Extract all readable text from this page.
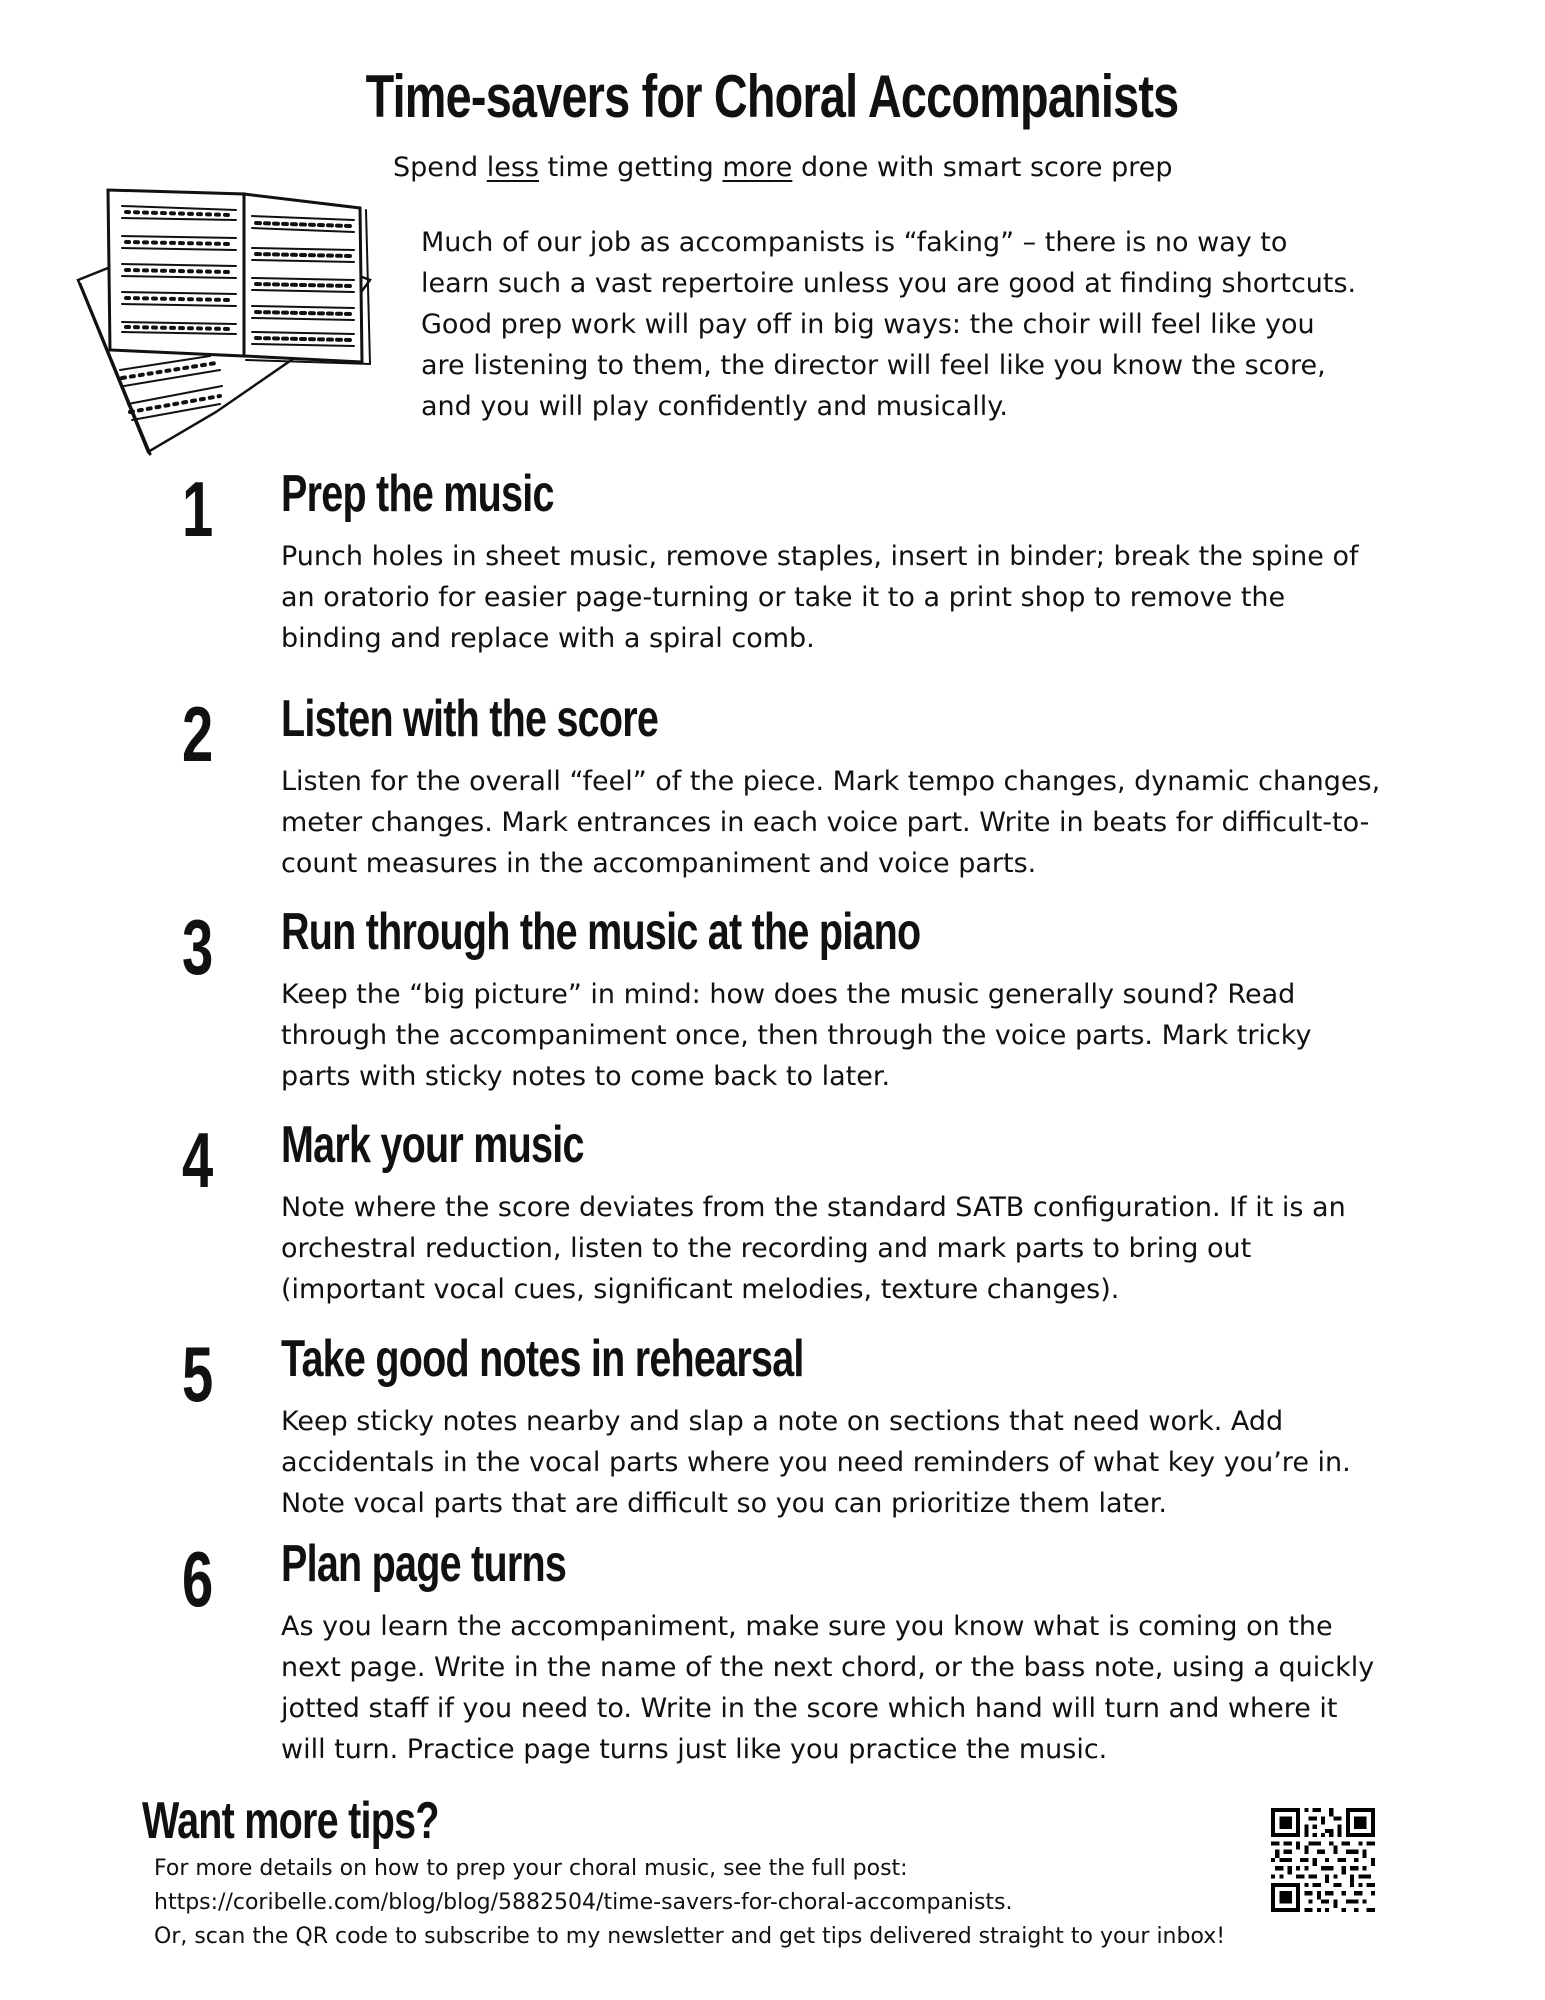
Time-savers for Choral Accompanists
Spend less time getting more done with smart score prep
Much of our job as accompanists is “faking” – there is no way to learn such a vast repertoire unless you are good at finding shortcuts. Good prep work will pay off in big ways: the choir will feel like you are listening to them, the director will feel like you know the score, and you will play confidently and musically.
1 Prep the music
Punch holes in sheet music, remove staples, insert in binder; break the spine of an oratorio for easier page-turning or take it to a print shop to remove the binding and replace with a spiral comb.
2 Listen with the score
Listen for the overall “feel” of the piece. Mark tempo changes, dynamic changes, meter changes. Mark entrances in each voice part. Write in beats for difficult-to-count measures in the accompaniment and voice parts.
3 Run through the music at the piano
Keep the “big picture” in mind: how does the music generally sound? Read through the accompaniment once, then through the voice parts. Mark tricky parts with sticky notes to come back to later.
4 Mark your music
Note where the score deviates from the standard SATB configuration. If it is an orchestral reduction, listen to the recording and mark parts to bring out (important vocal cues, significant melodies, texture changes).
5 Take good notes in rehearsal
Keep sticky notes nearby and slap a note on sections that need work. Add accidentals in the vocal parts where you need reminders of what key you’re in. Note vocal parts that are difficult so you can prioritize them later.
6 Plan page turns
As you learn the accompaniment, make sure you know what is coming on the next page. Write in the name of the next chord, or the bass note, using a quickly jotted staff if you need to. Write in the score which hand will turn and where it will turn. Practice page turns just like you practice the music.
Want more tips?
For more details on how to prep your choral music, see the full post:
https://coribelle.com/blog/blog/5882504/time-savers-for-choral-accompanists.
Or, scan the QR code to subscribe to my newsletter and get tips delivered straight to your inbox!
